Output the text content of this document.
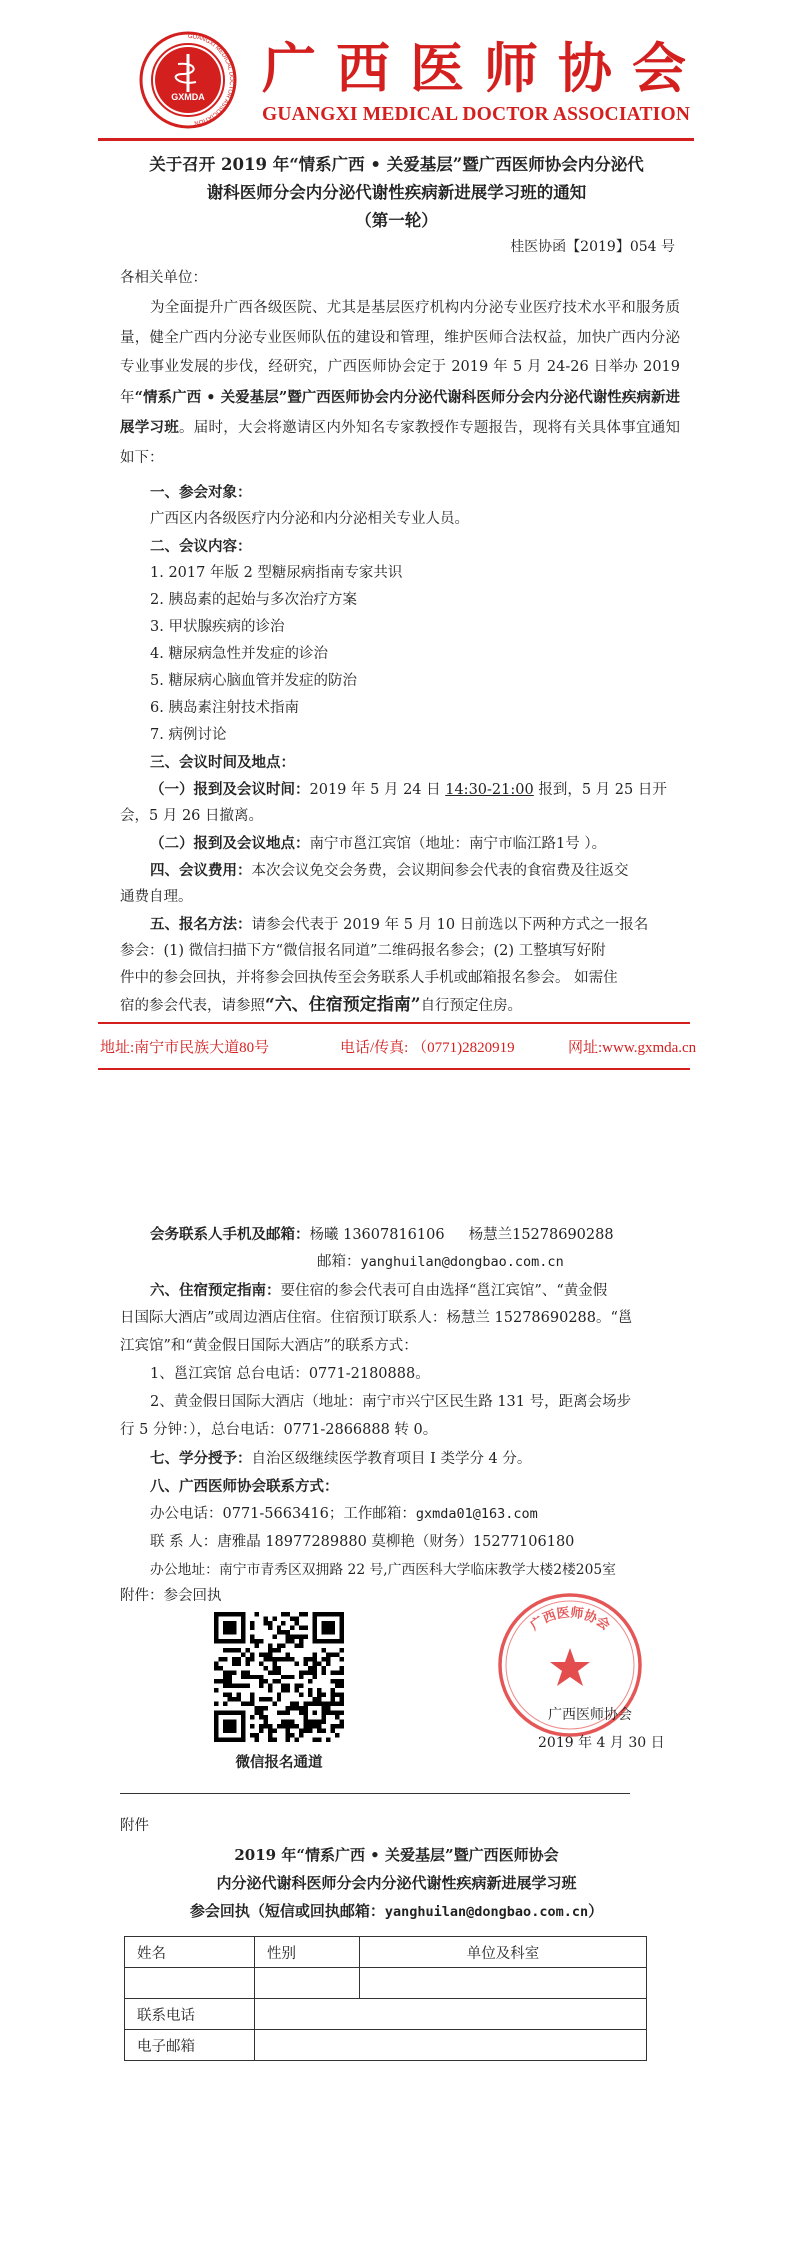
GXMDA
GUANGXI MEDICAL DOCTOR ASSOCIATION
广西医师协会
GUANGXI MEDICAL DOCTOR ASSOCIATION
关于召开 2019 年“情系广西 • 关爱基层”暨广西医师协会内分泌代
谢科医师分会内分泌代谢性疾病新进展学习班的通知
（第一轮）
桂医协函【2019】054 号
各相关单位：
为全面提升广西各级医院、尤其是基层医疗机构内分泌专业医疗技术水平和服务质量，健全广西内分泌专业医师队伍的建设和管理，维护医师合法权益，加快广西内分泌专业事业发展的步伐，经研究，广西医师协会定于 2019 年 5 月 24-26 日举办 2019 年“情系广西 • 关爱基层”暨广西医师协会内分泌代谢科医师分会内分泌代谢性疾病新进展学习班。届时，大会将邀请区内外知名专家教授作专题报告，现将有关具体事宜通知如下：
一、参会对象：
广西区内各级医疗内分泌和内分泌相关专业人员。
二、会议内容：
1. 2017 年版 2 型糖尿病指南专家共识
2. 胰岛素的起始与多次治疗方案
3. 甲状腺疾病的诊治
4. 糖尿病急性并发症的诊治
5. 糖尿病心脑血管并发症的防治
6. 胰岛素注射技术指南
7. 病例讨论
三、会议时间及地点：
（一）报到及会议时间：2019 年 5 月 24 日 14:30-21:00 报到，5 月 25 日开
会，5 月 26 日撤离。
（二）报到及会议地点：南宁市邕江宾馆（地址：南宁市临江路1号 ）。
四、会议费用：本次会议免交会务费，会议期间参会代表的食宿费及往返交
通费自理。
五、报名方法：请参会代表于 2019 年 5 月 10 日前选以下两种方式之一报名
参会：(1) 微信扫描下方“微信报名同道”二维码报名参会；(2) 工整填写好附
件中的参会回执，并将参会回执传至会务联系人手机或邮箱报名参会。 如需住
宿的参会代表，请参照“六、住宿预定指南”自行预定住房。
地址:南宁市民族大道80号	电话/传真: （0771)2820919	网址:www.gxmda.cn
会务联系人手机及邮箱：杨曦 13607816106 杨慧兰15278690288
邮箱：yanghuilan@dongbao.com.cn
六、住宿预定指南：要住宿的参会代表可自由选择“邕江宾馆”、“黄金假
日国际大酒店”或周边酒店住宿。住宿预订联系人：杨慧兰 15278690288。“邕
江宾馆”和“黄金假日国际大酒店”的联系方式：
1、邕江宾馆 总台电话：0771-2180888。
2、黄金假日国际大酒店（地址：南宁市兴宁区民生路 131 号，距离会场步
行 5 分钟：），总台电话：0771-2866888 转 0。
七、学分授予：自治区级继续医学教育项目 I 类学分 4 分。
八、广西医师协会联系方式：
办公电话：0771-5663416；工作邮箱：gxmda01@163.com
联 系 人：唐雅晶 18977289880 莫柳艳（财务）15277106180
办公地址：南宁市青秀区双拥路 22 号,广西医科大学临床教学大楼2楼205室
附件：参会回执
微信报名通道
广西医师协会
广西医师协会
2019 年 4 月 30 日
附件
2019 年“情系广西 • 关爱基层”暨广西医师协会
内分泌代谢科医师分会内分泌代谢性疾病新进展学习班
参会回执（短信或回执邮箱：yanghuilan@dongbao.com.cn）
姓名	性别	单位及科室

联系电话		
电子邮箱		
